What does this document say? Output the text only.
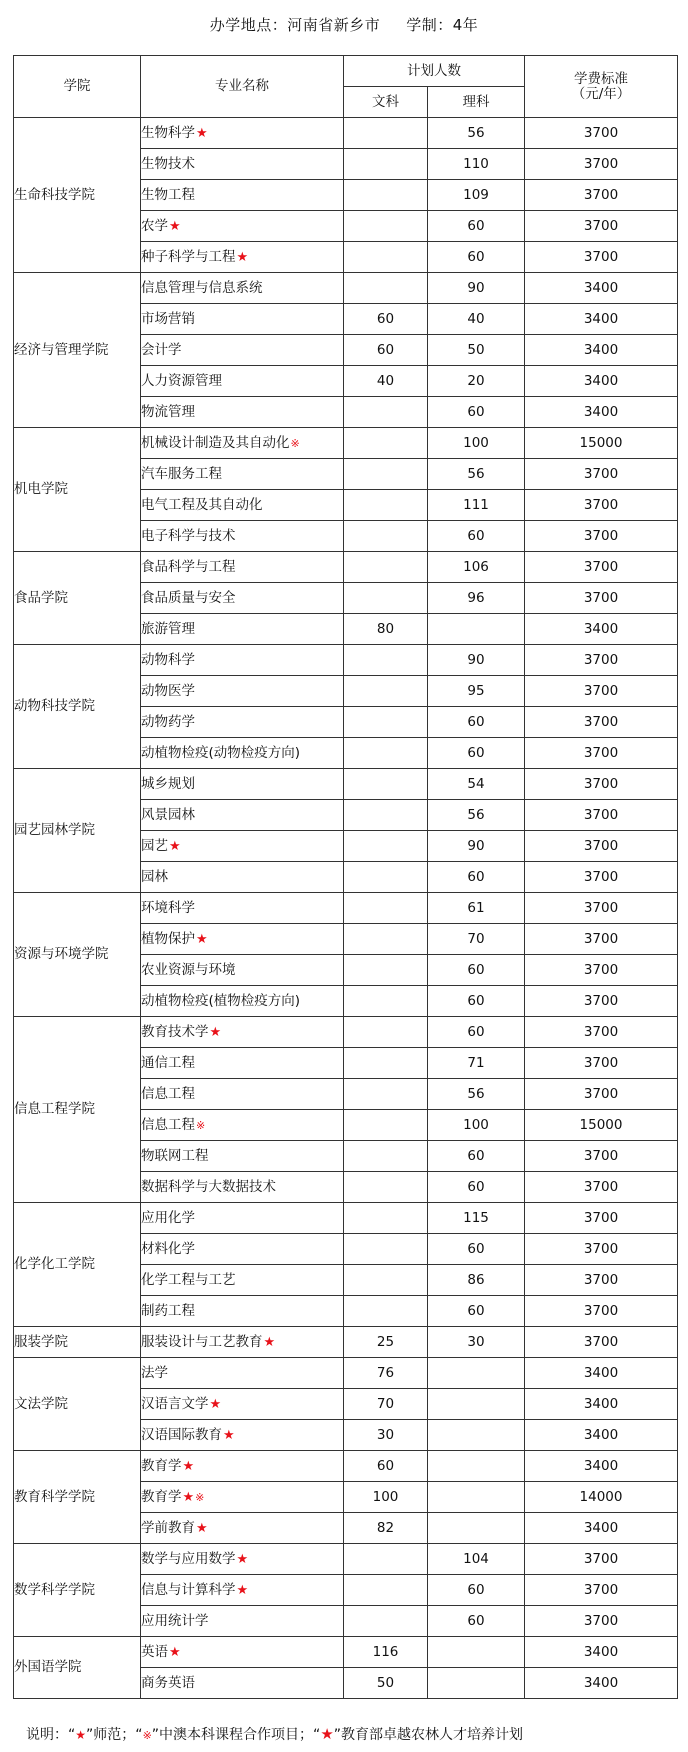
办学地点：河南省新乡市 学制：4年
学院	专业名称	计划人数		学费标准
（元/年）

		文科	理科	
生命科技学院	生物科学★		56	3700
	生物技术		110	3700
	生物工程		109	3700
	农学★		60	3700
	种子科学与工程★		60	3700
经济与管理学院	信息管理与信息系统		90	3400
	市场营销	60	40	3400
	会计学	60	50	3400
	人力资源管理	40	20	3400
	物流管理		60	3400
机电学院	机械设计制造及其自动化※		100	15000
	汽车服务工程		56	3700
	电气工程及其自动化		111	3700
	电子科学与技术		60	3700
食品学院	食品科学与工程		106	3700
	食品质量与安全		96	3700
	旅游管理	80		3400
动物科技学院	动物科学		90	3700
	动物医学		95	3700
	动物药学		60	3700
	动植物检疫(动物检疫方向)		60	3700
园艺园林学院	城乡规划		54	3700
	风景园林		56	3700
	园艺★		90	3700
	园林		60	3700
资源与环境学院	环境科学		61	3700
	植物保护★		70	3700
	农业资源与环境		60	3700
	动植物检疫(植物检疫方向)		60	3700
信息工程学院	教育技术学★		60	3700
	通信工程		71	3700
	信息工程		56	3700
	信息工程※		100	15000
	物联网工程		60	3700
	数据科学与大数据技术		60	3700
化学化工学院	应用化学		115	3700
	材料化学		60	3700
	化学工程与工艺		86	3700
	制药工程		60	3700
服装学院	服装设计与工艺教育★	25	30	3700
文法学院	法学	76		3400
	汉语言文学★	70		3400
	汉语国际教育★	30		3400
教育科学学院	教育学★	60		3400
	教育学★※	100		14000
	学前教育★	82		3400
数学科学学院	数学与应用数学★		104	3700
	信息与计算科学★		60	3700
	应用统计学		60	3700
外国语学院	英语★	116		3400
	商务英语	50		3400
说明：“★”师范；“※”中澳本科课程合作项目；“★”教育部卓越农林人才培养计划
